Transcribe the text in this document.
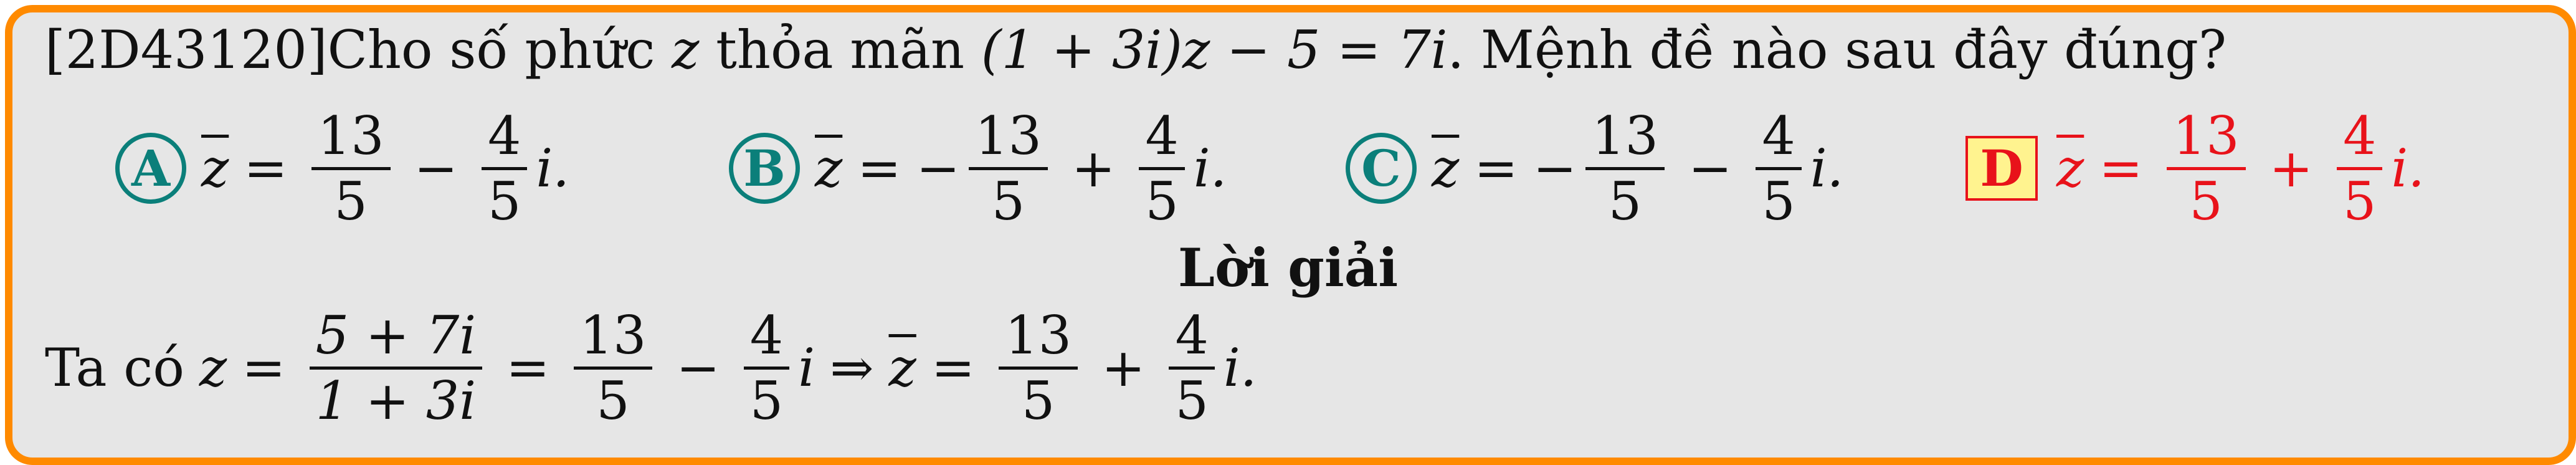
[2D43120]Cho số phức z thỏa mãn (1 + 3i)z − 5 = 7i. Mệnh đề nào sau đây đúng?
A $\overline{z}$ =
13
5
−
4
5
i.	B $\overline{z}$ = −
13
5
+
4
5
i.	C $\overline{z}$ = −
13
5
−
4
5
i.	D $\overline{z}$ =
13
5
+
4
5
i.
Lời giải
Ta có z =
5 + 7i
1 + 3i
=
13
5
−
4
5
i ⇒ $\overline{z}$ =
13
5
+
4
5
i.
